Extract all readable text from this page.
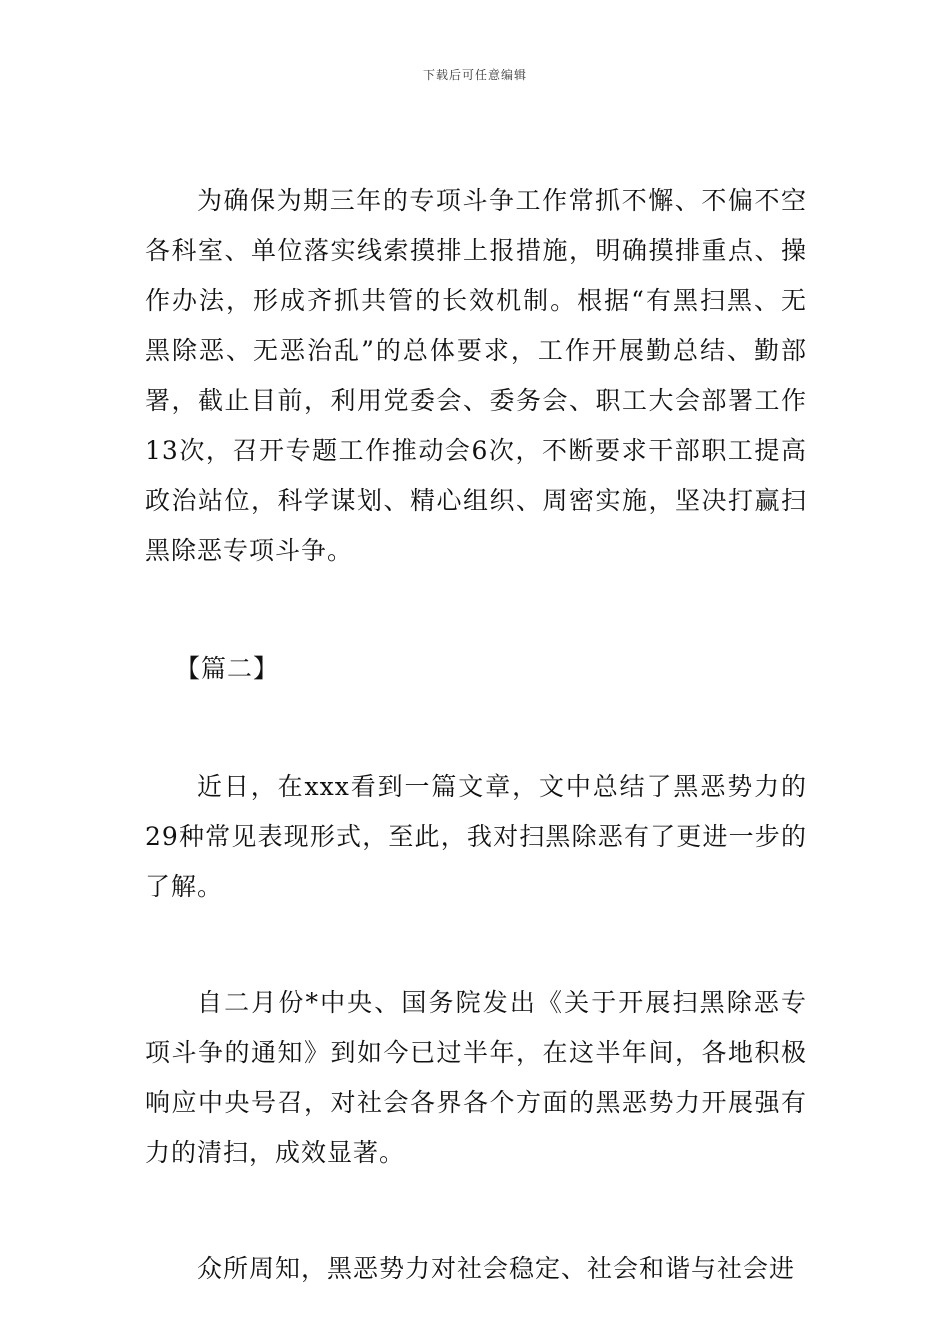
下载后可任意编辑

为确保为期三年的专项斗争工作常抓不懈、不偏不空各科室、单位落实线索摸排上报措施，明确摸排重点、操作办法，形成齐抓共管的长效机制。根据“有黑扫黑、无黑除恶、无恶治乱”的总体要求，工作开展勤总结、勤部署，截止目前，利用党委会、委务会、职工大会部署工作13次，召开专题工作推动会6次，不断要求干部职工提高政治站位，科学谋划、精心组织、周密实施，坚决打赢扫黑除恶专项斗争。

【篇二】

近日，在xxx看到一篇文章，文中总结了黑恶势力的29种常见表现形式，至此，我对扫黑除恶有了更进一步的了解。

自二月份*中央、国务院发出《关于开展扫黑除恶专项斗争的通知》到如今已过半年，在这半年间，各地积极响应中央号召，对社会各界各个方面的黑恶势力开展强有力的清扫，成效显著。

众所周知，黑恶势力对社会稳定、社会和谐与社会进
